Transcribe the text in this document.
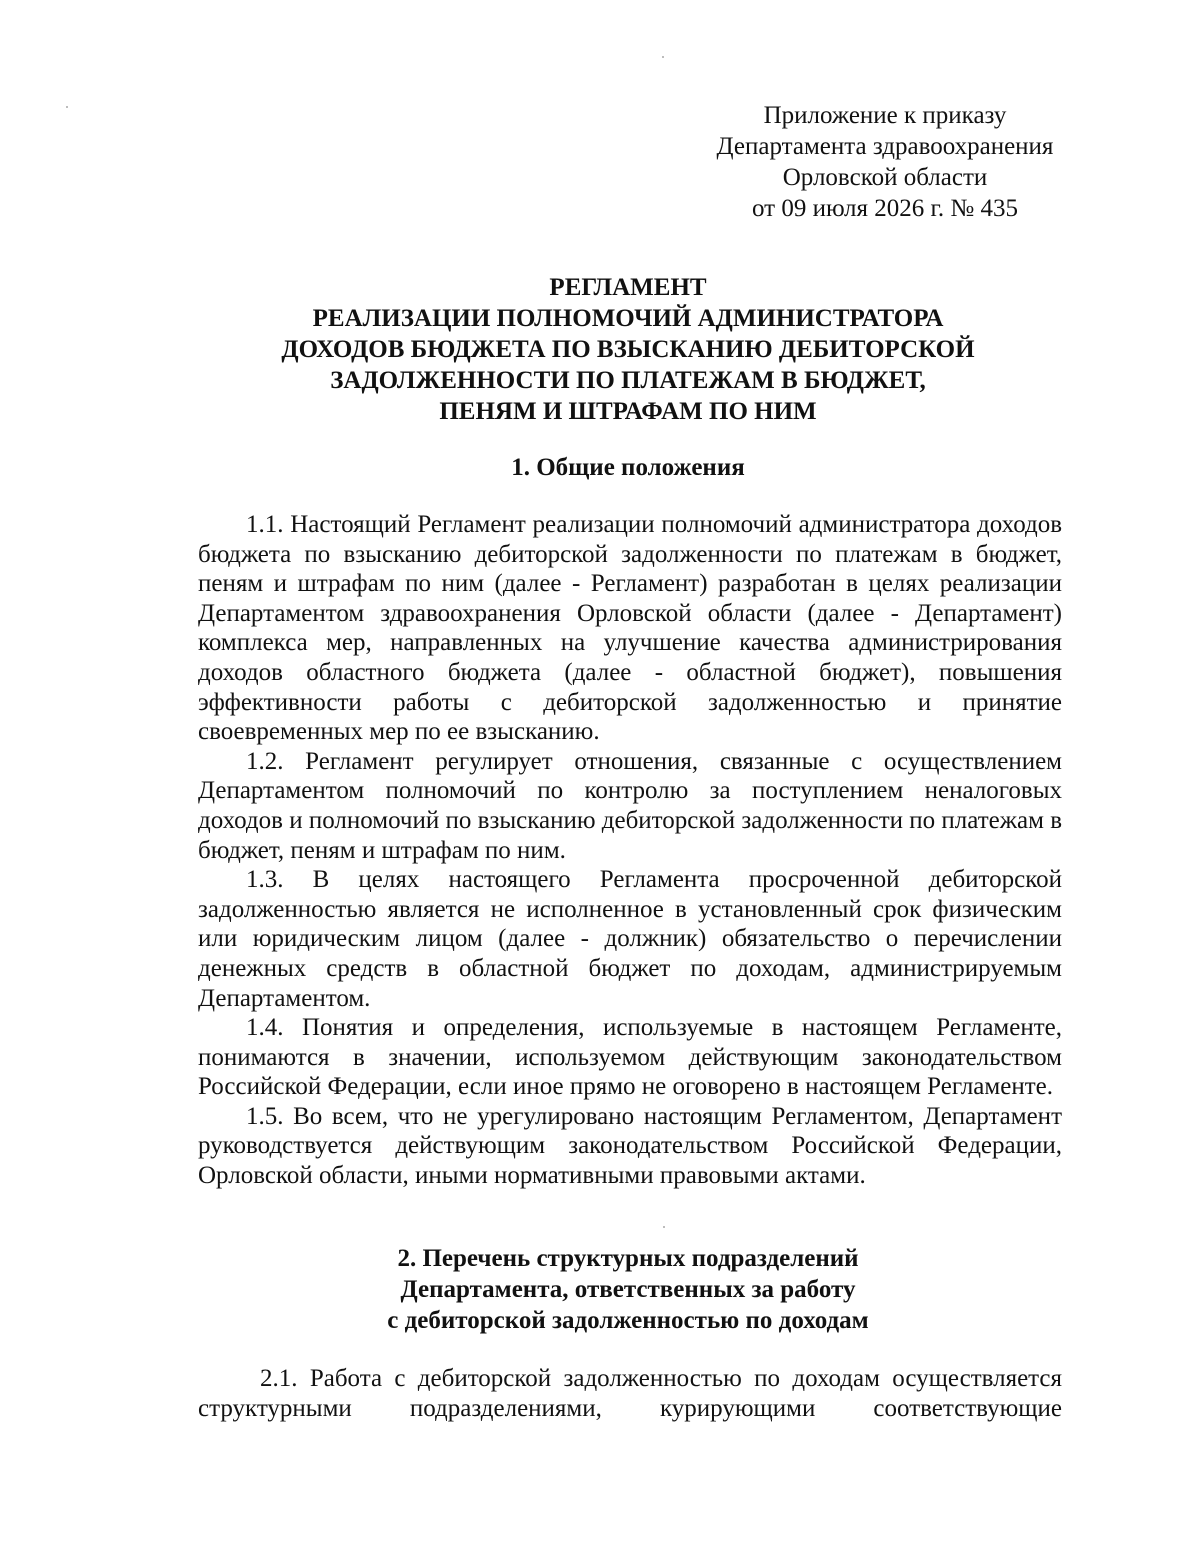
Приложение к приказу
Департамента здравоохранения
Орловской области
от 09 июля 2026 г. № 435
РЕГЛАМЕНТ
РЕАЛИЗАЦИИ ПОЛНОМОЧИЙ АДМИНИСТРАТОРА
ДОХОДОВ БЮДЖЕТА ПО ВЗЫСКАНИЮ ДЕБИТОРСКОЙ
ЗАДОЛЖЕННОСТИ ПО ПЛАТЕЖАМ В БЮДЖЕТ,
ПЕНЯМ И ШТРАФАМ ПО НИМ
1. Общие положения

1.1. Настоящий Регламент реализации полномочий администратора доходов бюджета по взысканию дебиторской задолженности по платежам в бюджет, пеням и штрафам по ним (далее - Регламент) разработан в целях реализации Департаментом здравоохранения Орловской области (далее - Департамент) комплекса мер, направленных на улучшение качества администрирования доходов областного бюджета (далее - областной бюджет), повышения эффективности работы с дебиторской задолженностью и принятие своевременных мер по ее взысканию.

1.2. Регламент регулирует отношения, связанные с осуществлением Департаментом полномочий по контролю за поступлением неналоговых доходов и полномочий по взысканию дебиторской задолженности по платежам в бюджет, пеням и штрафам по ним.

1.3. В целях настоящего Регламента просроченной дебиторской задолженностью является не исполненное в установленный срок физическим или юридическим лицом (далее - должник) обязательство о перечислении денежных средств в областной бюджет по доходам, администрируемым Департаментом.

1.4. Понятия и определения, используемые в настоящем Регламенте, понимаются в значении, используемом действующим законодательством Российской Федерации, если иное прямо не оговорено в настоящем Регламенте.

1.5. Во всем, что не урегулировано настоящим Регламентом, Департамент руководствуется действующим законодательством Российской Федерации, Орловской области, иными нормативными правовыми актами.

2. Перечень структурных подразделений
Департамента, ответственных за работу
с дебиторской задолженностью по доходам

2.1. Работа с дебиторской задолженностью по доходам осуществляется структурными подразделениями, курирующими соответствующие
